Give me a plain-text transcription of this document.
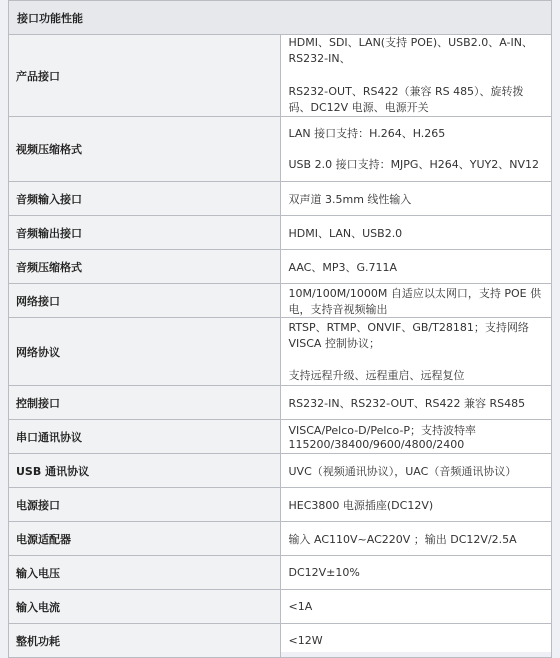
接口功能性能	
产品接口	HDMI、SDI、LAN(支持 POE)、USB2.0、A-IN、RS232-IN、
RS232-OUT、RS422（兼容 RS 485）、旋转拨码、DC12V 电源、电源开关

视频压缩格式	LAN 接口支持：H.264、H.265
USB 2.0 接口支持：MJPG、H264、YUY2、NV12

音频输入接口	双声道 3.5mm 线性输入
音频输出接口	HDMI、LAN、USB2.0
音频压缩格式	AAC、MP3、G.711A
网络接口	10M/100M/1000M 自适应以太网口，支持 POE 供电，支持音视频输出
网络协议	RTSP、RTMP、ONVIF、GB/T28181；支持网络 VISCA 控制协议；
支持远程升级、远程重启、远程复位

控制接口	RS232-IN、RS232-OUT、RS422 兼容 RS485
串口通讯协议	VISCA/Pelco-D/Pelco-P；支持波特率 115200/38400/9600/4800/2400
USB 通讯协议	UVC（视频通讯协议），UAC（音频通讯协议）
电源接口	HEC3800 电源插座(DC12V)
电源适配器	输入 AC110V~AC220V ；输出 DC12V/2.5A
输入电压	DC12V±10%
输入电流	<1A
整机功耗	<12W
